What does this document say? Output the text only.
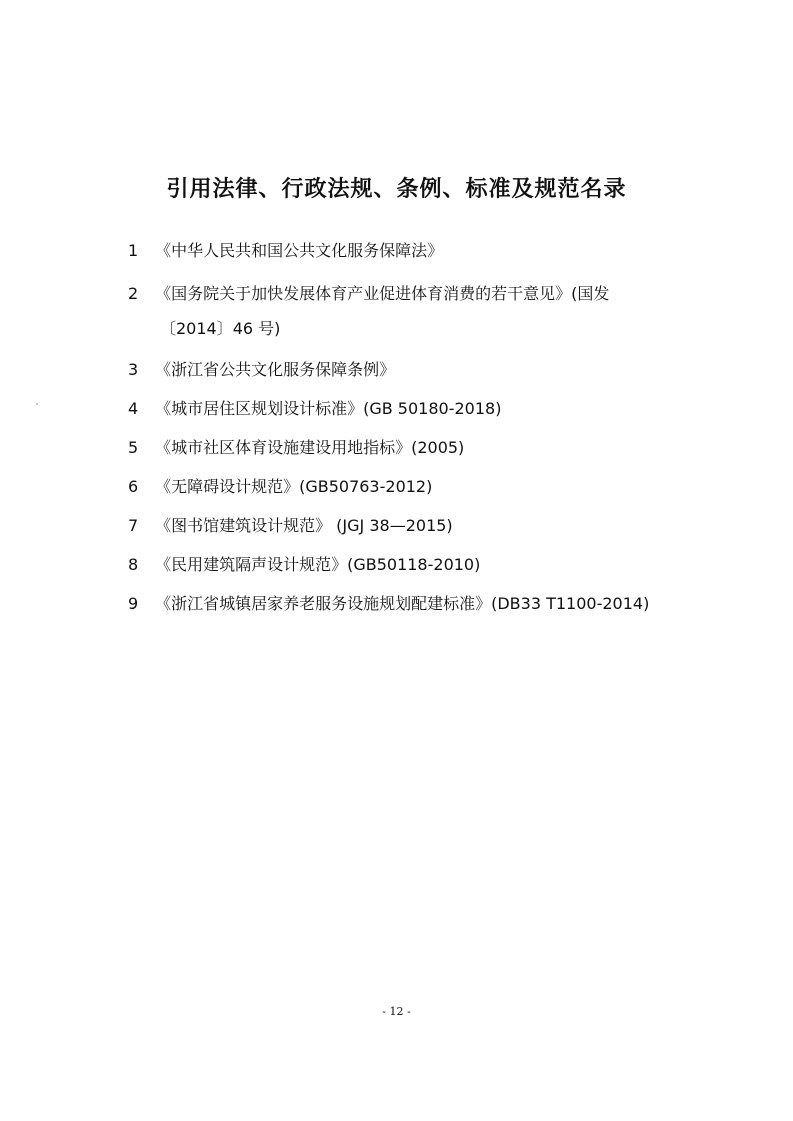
引用法律、行政法规、条例、标准及规范名录
1 《中华人民共和国公共文化服务保障法》
2 《国务院关于加快发展体育产业促进体育消费的若干意见》(国发
〔2014〕46 号)
3 《浙江省公共文化服务保障条例》
4 《城市居住区规划设计标准》(GB 50180-2018)
5 《城市社区体育设施建设用地指标》(2005)
6 《无障碍设计规范》(GB50763-2012)
7 《图书馆建筑设计规范》 (JGJ 38—2015)
8 《民用建筑隔声设计规范》(GB50118-2010)
9 《浙江省城镇居家养老服务设施规划配建标准》(DB33 T1100-2014)
- 12 -
